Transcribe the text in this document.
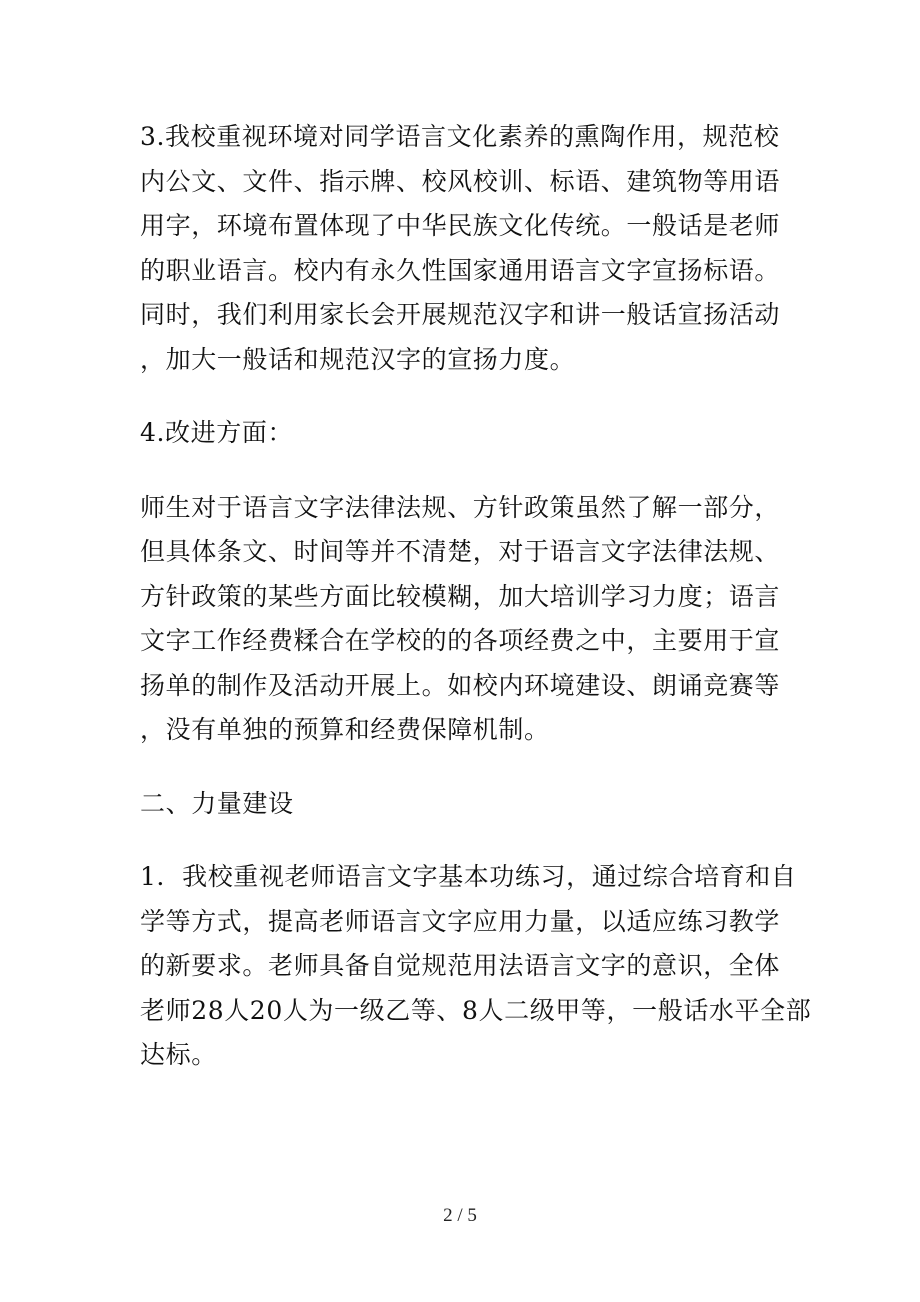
3.我校重视环境对同学语言文化素养的熏陶作用，规范校
内公文、文件、指示牌、校风校训、标语、建筑物等用语
用字，环境布置体现了中华民族文化传统。一般话是老师
的职业语言。校内有永久性国家通用语言文字宣扬标语。
同时，我们利用家长会开展规范汉字和讲一般话宣扬活动
，加大一般话和规范汉字的宣扬力度。

4.改进方面：

师生对于语言文字法律法规、方针政策虽然了解一部分，
但具体条文、时间等并不清楚，对于语言文字法律法规、
方针政策的某些方面比较模糊，加大培训学习力度；语言
文字工作经费糅合在学校的的各项经费之中，主要用于宣
扬单的制作及活动开展上。如校内环境建设、朗诵竞赛等
，没有单独的预算和经费保障机制。

二、力量建设

1．我校重视老师语言文字基本功练习，通过综合培育和自
学等方式，提高老师语言文字应用力量，以适应练习教学
的新要求。老师具备自觉规范用法语言文字的意识，全体
老师28人20人为一级乙等、8人二级甲等，一般话水平全部
达标。

2 / 5
